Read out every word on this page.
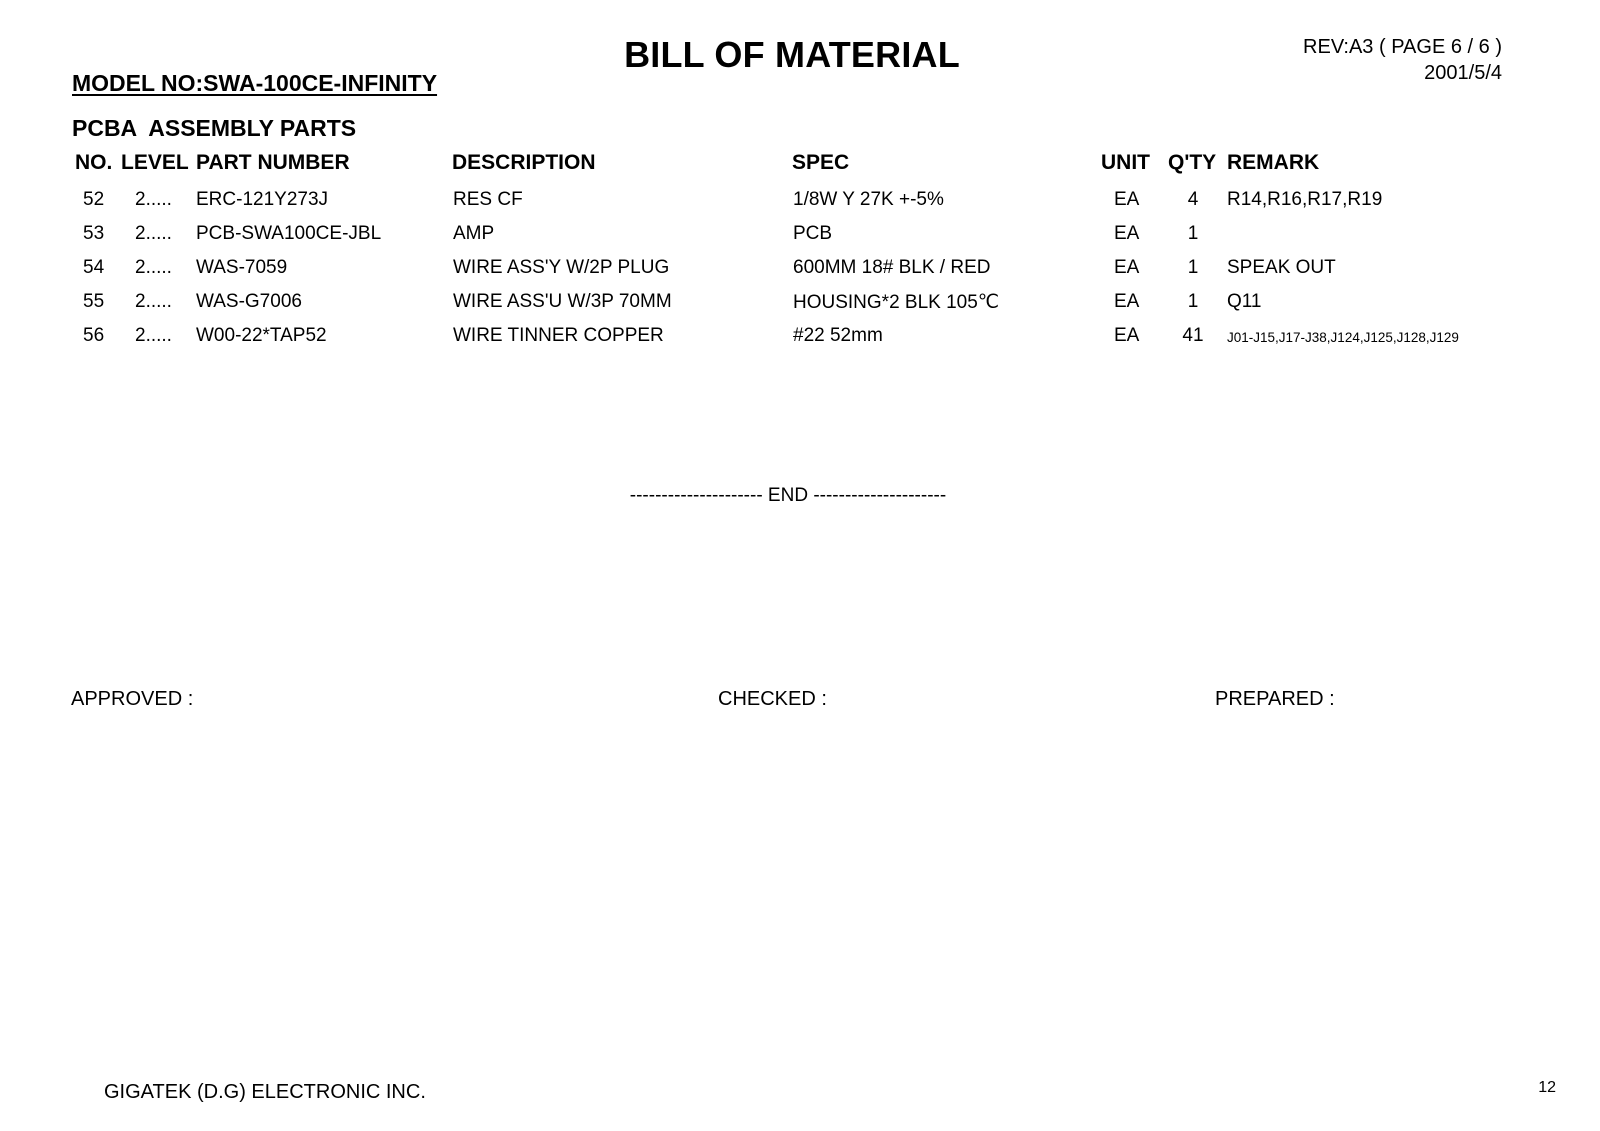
BILL OF MATERIAL
MODEL NO:SWA-100CE-INFINITY
REV:A3 ( PAGE 6 / 6 )
2001/5/4
PCBA  ASSEMBLY PARTS
NO. LEVEL PART NUMBER	DESCRIPTION	SPEC	UNIT Q'TY REMARK
52 2..... ERC-121Y273J	RES CF	1/8W Y 27K +-5%	EA	4	R14,R16,R17,R19
53 2..... PCB-SWA100CE-JBL	AMP	PCB	EA	1
54 2..... WAS-7059	WIRE ASS'Y W/2P PLUG	600MM 18# BLK / RED	EA	1	SPEAK OUT
55 2..... WAS-G7006	WIRE ASS'U W/3P 70MM	HOUSING*2 BLK 105℃	EA	1	Q11
56 2..... W00-22*TAP52	WIRE TINNER COPPER	#22 52mm	EA 41 J01-J15,J17-J38,J124,J125,J128,J129
--------------------- END ---------------------
APPROVED :	CHECKED :	PREPARED :
GIGATEK (D.G) ELECTRONIC INC.	12
